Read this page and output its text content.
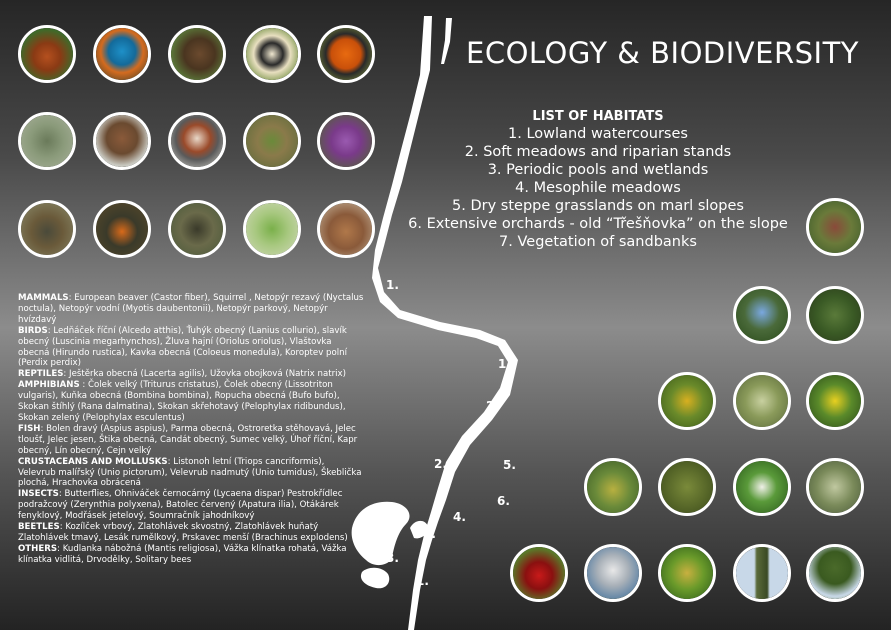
ECOLOGY & BIODIVERSITY
LIST OF HABITATS
1. Lowland watercourses
2. Soft meadows and riparian stands
3. Periodic pools and wetlands
4. Mesophile meadows
5. Dry steppe grasslands on marl slopes
6. Extensive orchards - old “Třešňovka” on the slope
7. Vegetation of sandbanks
MAMMALS: European beaver (Castor fiber), Squirrel , Netopýr rezavý (Nyctalus noctula), Netopýr vodní (Myotis daubentonii), Netopýr parkový, Netopýr hvízdavý
BIRDS: Ledňáček říční (Alcedo atthis), Ťuhýk obecný (Lanius collurio), slavík obecný (Luscinia megarhynchos), Žluva hajní (Oriolus oriolus), Vlaštovka obecná (Hirundo rustica), Kavka obecná (Coloeus monedula), Koroptev polní (Perdix perdix)
REPTILES: Ještěrka obecná (Lacerta agilis), Užovka obojková (Natrix natrix)
AMPHIBIANS : Čolek velký (Triturus cristatus), Čolek obecný (Lissotriton vulgaris), Kuňka obecná (Bombina bombina), Ropucha obecná (Bufo bufo), Skokan štíhlý (Rana dalmatina), Skokan skřehotavý (Pelophylax ridibundus), Skokan zelený (Pelophylax esculentus)
FISH: Bolen dravý (Aspius aspius), Parma obecná, Ostroretka stěhovavá, Jelec tloušť, Jelec jesen, Štika obecná, Candát obecný, Sumec velký, Úhoř říční, Kapr obecný, Lín obecný, Cejn velký
CRUSTACEANS AND MOLLUSKS: Listonoh letní (Triops cancriformis), Velevrub malířský (Unio pictorum), Velevrub nadmutý (Unio tumidus), Škeblička plochá, Hrachovka obrácená
INSECTS: Butterflies, Ohniváček černocárný (Lycaena dispar) Pestrokřídlec podražcový (Zerynthia polyxena), Batolec červený (Apatura ilia), Otákárek fenyklový, Modřásek jetelový, Soumračník jahodníkový
BEETLES: Kozílček vrbový, Zlatohlávek skvostný, Zlatohlávek huňatý Zlatohlávek tmavý, Lesák rumělkový, Prskavec menší (Brachinus explodens)
OTHERS: Kudlanka nábožná (Mantis religiosa), Vážka klínatka rohatá, Vážka klínatka vidlitá, Drvodělky, Solitary bees
1.
1.
2.
2.	5.
6.
4.
7.
3.
1.
